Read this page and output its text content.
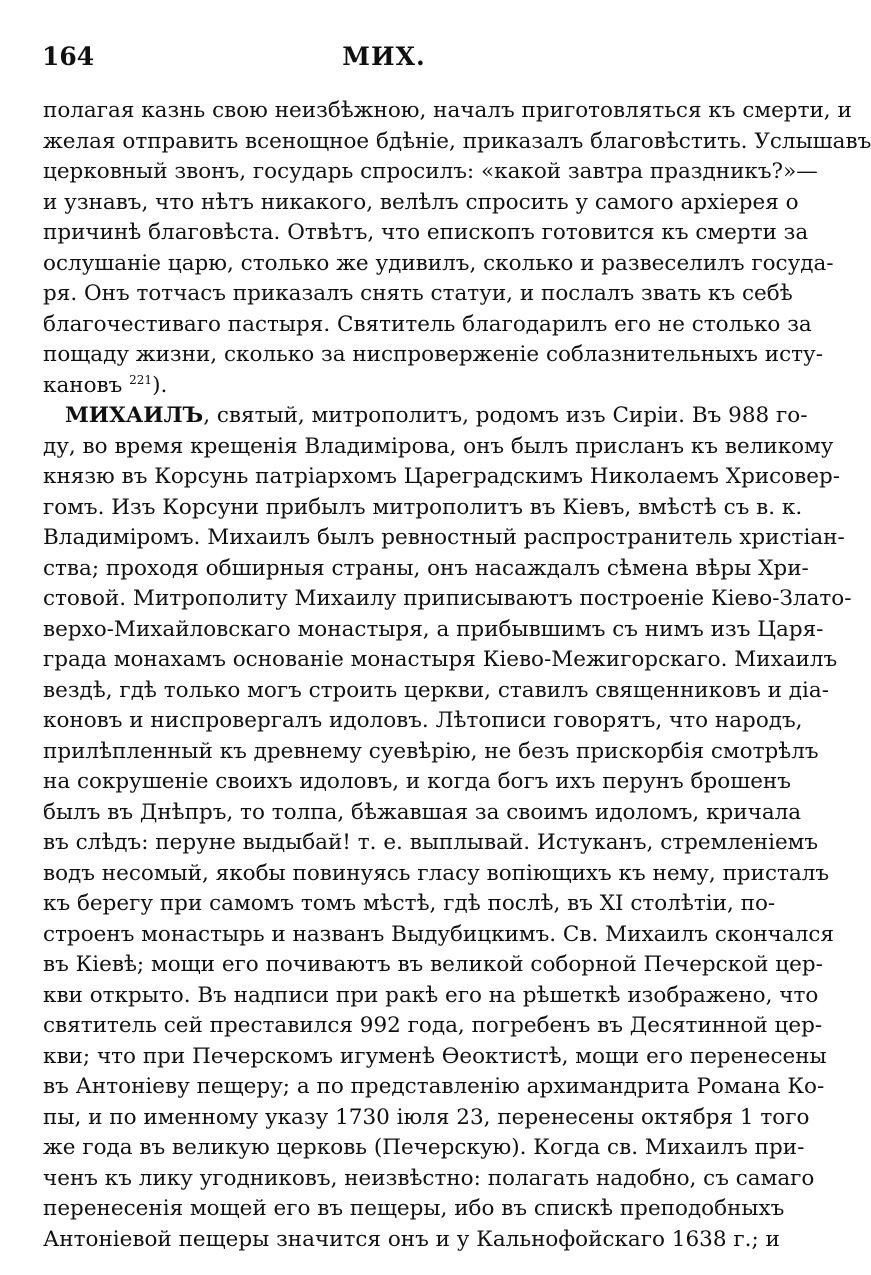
164	МИХ.
полагая казнь свою неизбѣжною, началъ приготовляться къ смерти, и
желая отправить всенощное бдѣніе, приказалъ благовѣстить. Услышавъ
церковный звонъ, государь спросилъ: «какой завтра праздникъ?»—
и узнавъ, что нѣтъ никакого, велѣлъ спросить у самого архіерея о
причинѣ благовѣста. Отвѣтъ, что епископъ готовится къ смерти за
ослушаніе царю, столько же удивилъ, сколько и развеселилъ госуда-
ря. Онъ тотчасъ приказалъ снять статуи, и послалъ звать къ себѣ
благочестиваго пастыря. Святитель благодарилъ его не столько за
пощаду жизни, сколько за ниспроверженіе соблазнительныхъ исту-
кановъ $^{221}$).
МИХАИЛЪ, святый, митрополитъ, родомъ изъ Сиріи. Въ 988 го-
ду, во время крещенія Владимірова, онъ былъ присланъ къ великому
князю въ Корсунь патріархомъ Цареградскимъ Николаемъ Хрисовер-
гомъ. Изъ Корсуни прибылъ митрополитъ въ Кіевъ, вмѣстѣ съ в. к.
Владиміромъ. Михаилъ былъ ревностный распространитель христіан-
ства; проходя обширныя страны, онъ насаждалъ сѣмена вѣры Хри-
стовой. Митрополиту Михаилу приписываютъ построеніе Кіево-Злато-
верхо-Михайловскаго монастыря, а прибывшимъ съ нимъ изъ Царя-
града монахамъ основаніе монастыря Кіево-Межигорскаго. Михаилъ
вездѣ, гдѣ только могъ строить церкви, ставилъ священниковъ и діа-
коновъ и ниспровергалъ идоловъ. Лѣтописи говорятъ, что народъ,
прилѣпленный къ древнему суевѣрію, не безъ прискорбія смотрѣлъ
на сокрушеніе своихъ идоловъ, и когда богъ ихъ перунъ брошенъ
былъ въ Днѣпръ, то толпа, бѣжавшая за своимъ идоломъ, кричала
въ слѣдъ: перуне выдыбай! т. е. выплывай. Истуканъ, стремленіемъ
водъ несомый, якобы повинуясь гласу вопіющихъ къ нему, присталъ
къ берегу при самомъ томъ мѣстѣ, гдѣ послѣ, въ XI столѣтіи, по-
строенъ монастырь и названъ Выдубицкимъ. Св. Михаилъ скончался
въ Кіевѣ; мощи его почиваютъ въ великой соборной Печерской цер-
кви открыто. Въ надписи при ракѣ его на рѣшеткѣ изображено, что
святитель сей преставился 992 года, погребенъ въ Десятинной цер-
кви; что при Печерскомъ игуменѣ Ѳеоктистѣ, мощи его перенесены
въ Антоніеву пещеру; а по представленію архимандрита Романа Ко-
пы, и по именному указу 1730 іюля 23, перенесены октября 1 того
же года въ великую церковь (Печерскую). Когда св. Михаилъ при-
ченъ къ лику угодниковъ, неизвѣстно: полагать надобно, съ самаго
перенесенія мощей его въ пещеры, ибо въ спискѣ преподобныхъ
Антоніевой пещеры значится онъ и у Кальнофойскаго 1638 г.; и
